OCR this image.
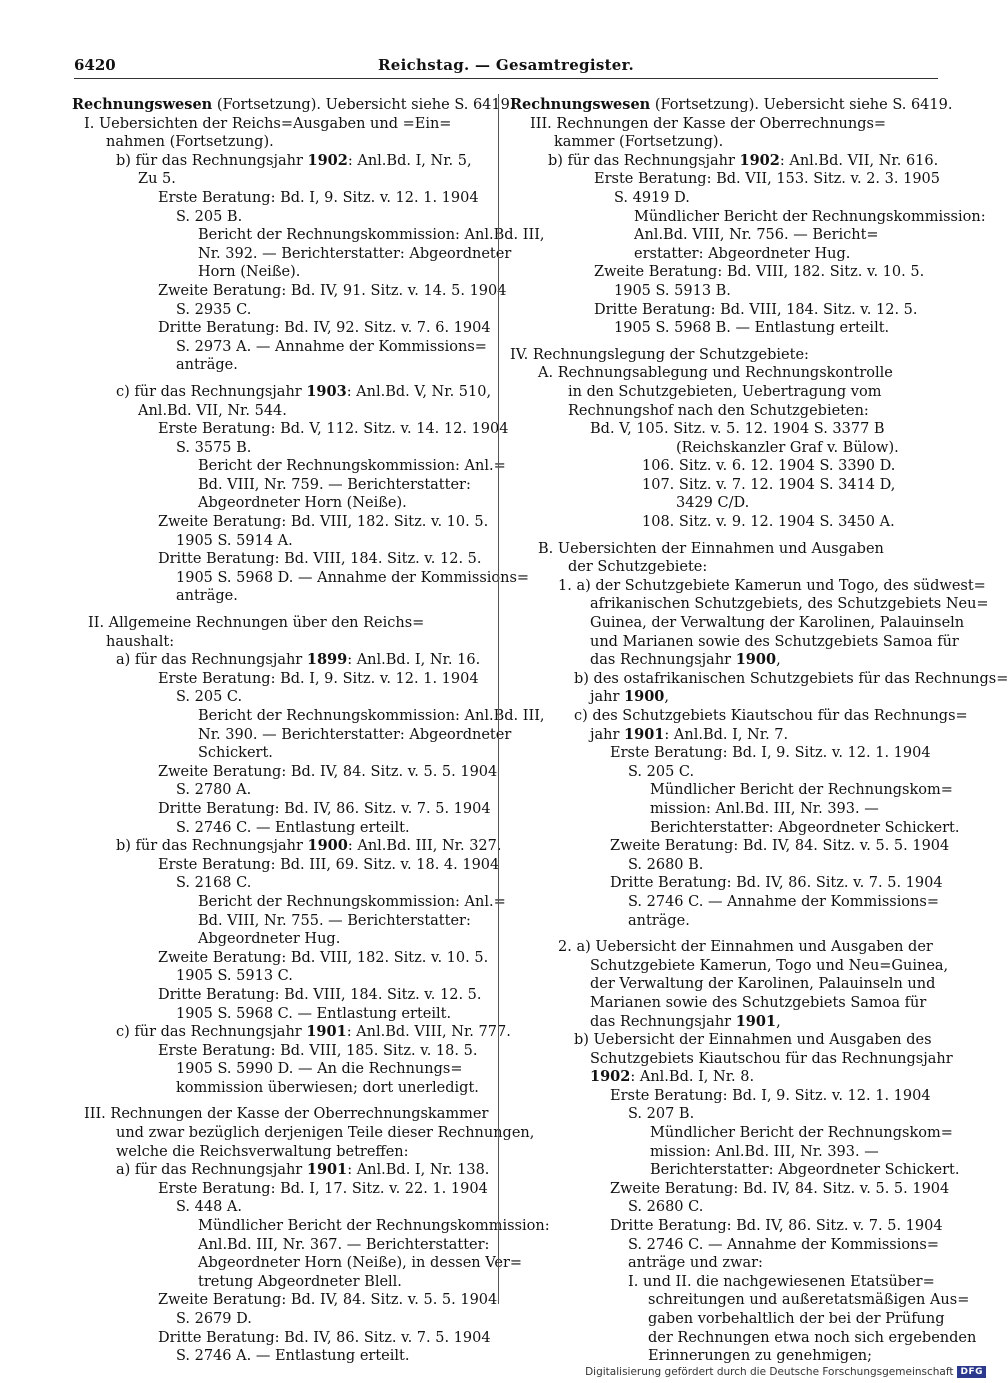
6420	Reichstag. — Gesamtregister.
Rechnungswesen (Fortsetzung). Uebersicht siehe S. 6419.
I. Uebersichten der Reichs=Ausgaben und =Ein=
nahmen (Fortsetzung).
b) für das Rechnungsjahr 1902: Anl.Bd. I, Nr. 5,
Zu 5.
Erste Beratung: Bd. I, 9. Sitz. v. 12. 1. 1904
S. 205 B.
Bericht der Rechnungskommission: Anl.Bd. III,
Nr. 392. — Berichterstatter: Abgeordneter
Horn (Neiße).
Zweite Beratung: Bd. IV, 91. Sitz. v. 14. 5. 1904
S. 2935 C.
Dritte Beratung: Bd. IV, 92. Sitz. v. 7. 6. 1904
S. 2973 A. — Annahme der Kommissions=
anträge.
c) für das Rechnungsjahr 1903: Anl.Bd. V, Nr. 510,
Anl.Bd. VII, Nr. 544.
Erste Beratung: Bd. V, 112. Sitz. v. 14. 12. 1904
S. 3575 B.
Bericht der Rechnungskommission: Anl.=
Bd. VIII, Nr. 759. — Berichterstatter:
Abgeordneter Horn (Neiße).
Zweite Beratung: Bd. VIII, 182. Sitz. v. 10. 5.
1905 S. 5914 A.
Dritte Beratung: Bd. VIII, 184. Sitz. v. 12. 5.
1905 S. 5968 D. — Annahme der Kommissions=
anträge.
II. Allgemeine Rechnungen über den Reichs=
haushalt:
a) für das Rechnungsjahr 1899: Anl.Bd. I, Nr. 16.
Erste Beratung: Bd. I, 9. Sitz. v. 12. 1. 1904
S. 205 C.
Bericht der Rechnungskommission: Anl.Bd. III,
Nr. 390. — Berichterstatter: Abgeordneter
Schickert.
Zweite Beratung: Bd. IV, 84. Sitz. v. 5. 5. 1904
S. 2780 A.
Dritte Beratung: Bd. IV, 86. Sitz. v. 7. 5. 1904
S. 2746 C. — Entlastung erteilt.
b) für das Rechnungsjahr 1900: Anl.Bd. III, Nr. 327.
Erste Beratung: Bd. III, 69. Sitz. v. 18. 4. 1904
S. 2168 C.
Bericht der Rechnungskommission: Anl.=
Bd. VIII, Nr. 755. — Berichterstatter:
Abgeordneter Hug.
Zweite Beratung: Bd. VIII, 182. Sitz. v. 10. 5.
1905 S. 5913 C.
Dritte Beratung: Bd. VIII, 184. Sitz. v. 12. 5.
1905 S. 5968 C. — Entlastung erteilt.
c) für das Rechnungsjahr 1901: Anl.Bd. VIII, Nr. 777.
Erste Beratung: Bd. VIII, 185. Sitz. v. 18. 5.
1905 S. 5990 D. — An die Rechnungs=
kommission überwiesen; dort unerledigt.
III. Rechnungen der Kasse der Oberrechnungskammer
und zwar bezüglich derjenigen Teile dieser Rechnungen,
welche die Reichsverwaltung betreffen:
a) für das Rechnungsjahr 1901: Anl.Bd. I, Nr. 138.
Erste Beratung: Bd. I, 17. Sitz. v. 22. 1. 1904
S. 448 A.
Mündlicher Bericht der Rechnungskommission:
Anl.Bd. III, Nr. 367. — Berichterstatter:
Abgeordneter Horn (Neiße), in dessen Ver=
tretung Abgeordneter Blell.
Zweite Beratung: Bd. IV, 84. Sitz. v. 5. 5. 1904
S. 2679 D.
Dritte Beratung: Bd. IV, 86. Sitz. v. 7. 5. 1904
S. 2746 A. — Entlastung erteilt.
Rechnungswesen (Fortsetzung). Uebersicht siehe S. 6419.
III. Rechnungen der Kasse der Oberrechnungs=
kammer (Fortsetzung).
b) für das Rechnungsjahr 1902: Anl.Bd. VII, Nr. 616.
Erste Beratung: Bd. VII, 153. Sitz. v. 2. 3. 1905
S. 4919 D.
Mündlicher Bericht der Rechnungskommission:
Anl.Bd. VIII, Nr. 756. — Bericht=
erstatter: Abgeordneter Hug.
Zweite Beratung: Bd. VIII, 182. Sitz. v. 10. 5.
1905 S. 5913 B.
Dritte Beratung: Bd. VIII, 184. Sitz. v. 12. 5.
1905 S. 5968 B. — Entlastung erteilt.
IV. Rechnungslegung der Schutzgebiete:
A. Rechnungsablegung und Rechnungskontrolle
in den Schutzgebieten, Uebertragung vom
Rechnungshof nach den Schutzgebieten:
Bd. V, 105. Sitz. v. 5. 12. 1904 S. 3377 B
(Reichskanzler Graf v. Bülow).
106. Sitz. v. 6. 12. 1904 S. 3390 D.
107. Sitz. v. 7. 12. 1904 S. 3414 D,
3429 C/D.
108. Sitz. v. 9. 12. 1904 S. 3450 A.
B. Uebersichten der Einnahmen und Ausgaben
der Schutzgebiete:
1. a) der Schutzgebiete Kamerun und Togo, des südwest=
afrikanischen Schutzgebiets, des Schutzgebiets Neu=
Guinea, der Verwaltung der Karolinen, Palauinseln
und Marianen sowie des Schutzgebiets Samoa für
das Rechnungsjahr 1900,
b) des ostafrikanischen Schutzgebiets für das Rechnungs=
jahr 1900,
c) des Schutzgebiets Kiautschou für das Rechnungs=
jahr 1901: Anl.Bd. I, Nr. 7.
Erste Beratung: Bd. I, 9. Sitz. v. 12. 1. 1904
S. 205 C.
Mündlicher Bericht der Rechnungskom=
mission: Anl.Bd. III, Nr. 393. —
Berichterstatter: Abgeordneter Schickert.
Zweite Beratung: Bd. IV, 84. Sitz. v. 5. 5. 1904
S. 2680 B.
Dritte Beratung: Bd. IV, 86. Sitz. v. 7. 5. 1904
S. 2746 C. — Annahme der Kommissions=
anträge.
2. a) Uebersicht der Einnahmen und Ausgaben der
Schutzgebiete Kamerun, Togo und Neu=Guinea,
der Verwaltung der Karolinen, Palauinseln und
Marianen sowie des Schutzgebiets Samoa für
das Rechnungsjahr 1901,
b) Uebersicht der Einnahmen und Ausgaben des
Schutzgebiets Kiautschou für das Rechnungsjahr
1902: Anl.Bd. I, Nr. 8.
Erste Beratung: Bd. I, 9. Sitz. v. 12. 1. 1904
S. 207 B.
Mündlicher Bericht der Rechnungskom=
mission: Anl.Bd. III, Nr. 393. —
Berichterstatter: Abgeordneter Schickert.
Zweite Beratung: Bd. IV, 84. Sitz. v. 5. 5. 1904
S. 2680 C.
Dritte Beratung: Bd. IV, 86. Sitz. v. 7. 5. 1904
S. 2746 C. — Annahme der Kommissions=
anträge und zwar:
I. und II. die nachgewiesenen Etatsüber=
schreitungen und außeretatsmäßigen Aus=
gaben vorbehaltlich der bei der Prüfung
der Rechnungen etwa noch sich ergebenden
Erinnerungen zu genehmigen;
Digitalisierung gefördert durch die Deutsche Forschungsgemeinschaft DFG
